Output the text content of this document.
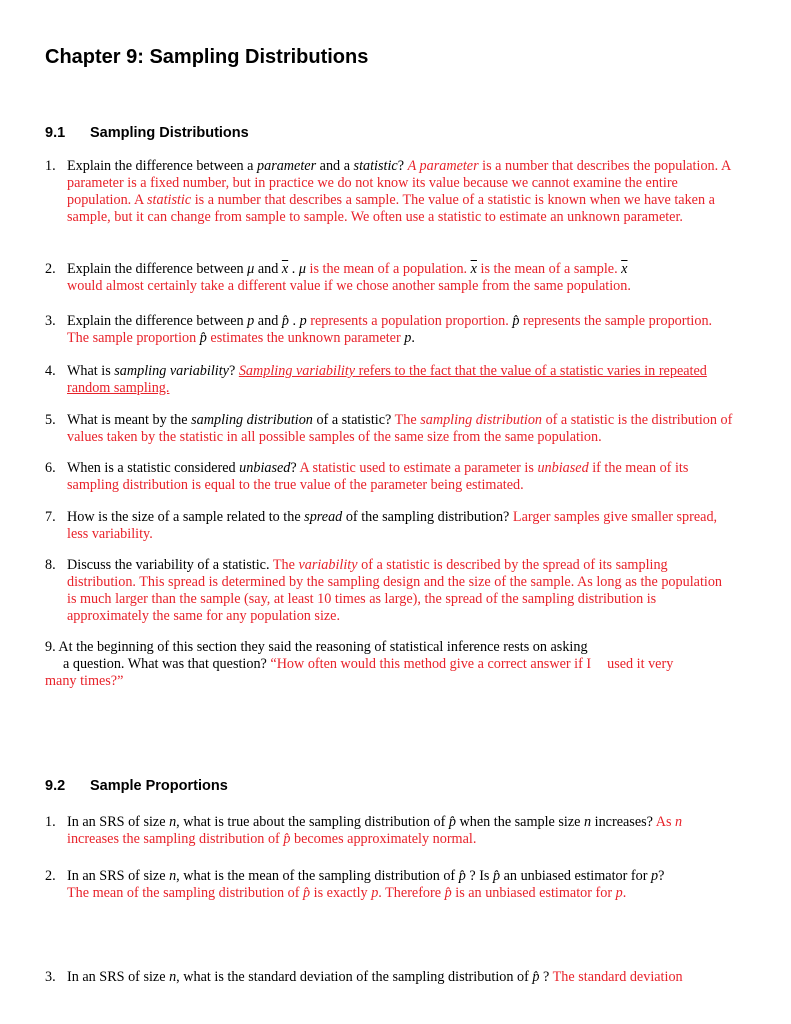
Chapter 9: Sampling Distributions
9.1 Sampling Distributions
1. Explain the difference between a parameter and a statistic? A parameter is a number that describes the population. A parameter is a fixed number, but in practice we do not know its value because we cannot examine the entire population. A statistic is a number that describes a sample. The value of a statistic is known when we have taken a sample, but it can change from sample to sample. We often use a statistic to estimate an unknown parameter.
2. Explain the difference between μ and $\overline{x}$ . μ is the mean of a population. $\overline{x}$ is the mean of a sample. $\overline{x}$
would almost certainly take a different value if we chose another sample from the same population.
3. Explain the difference between p and p̂ . p represents a population proportion. p̂ represents the sample proportion. The sample proportion p̂ estimates the unknown parameter p.
4. What is sampling variability? Sampling variability refers to the fact that the value of a statistic varies in repeated random sampling.
5. What is meant by the sampling distribution of a statistic? The sampling distribution of a statistic is the distribution of values taken by the statistic in all possible samples of the same size from the same population.
6. When is a statistic considered unbiased? A statistic used to estimate a parameter is unbiased if the mean of its sampling distribution is equal to the true value of the parameter being estimated.
7. How is the size of a sample related to the spread of the sampling distribution? Larger samples give smaller spread, less variability.
8. Discuss the variability of a statistic. The variability of a statistic is described by the spread of its sampling distribution. This spread is determined by the sampling design and the size of the sample. As long as the population is much larger than the sample (say, at least 10 times as large), the spread of the sampling distribution is approximately the same for any population size.
9. At the beginning of this section they said the reasoning of statistical inference rests on asking
a question. What was that question? “How often would this method give a correct answer if I used it very
many times?”
9.2 Sample Proportions
1. In an SRS of size n, what is true about the sampling distribution of p̂ when the sample size n increases? As n
increases the sampling distribution of p̂ becomes approximately normal.
2. In an SRS of size n, what is the mean of the sampling distribution of p̂ ? Is p̂ an unbiased estimator for p?
The mean of the sampling distribution of p̂ is exactly p. Therefore p̂ is an unbiased estimator for p.
3. In an SRS of size n, what is the standard deviation of the sampling distribution of p̂ ? The standard deviation
